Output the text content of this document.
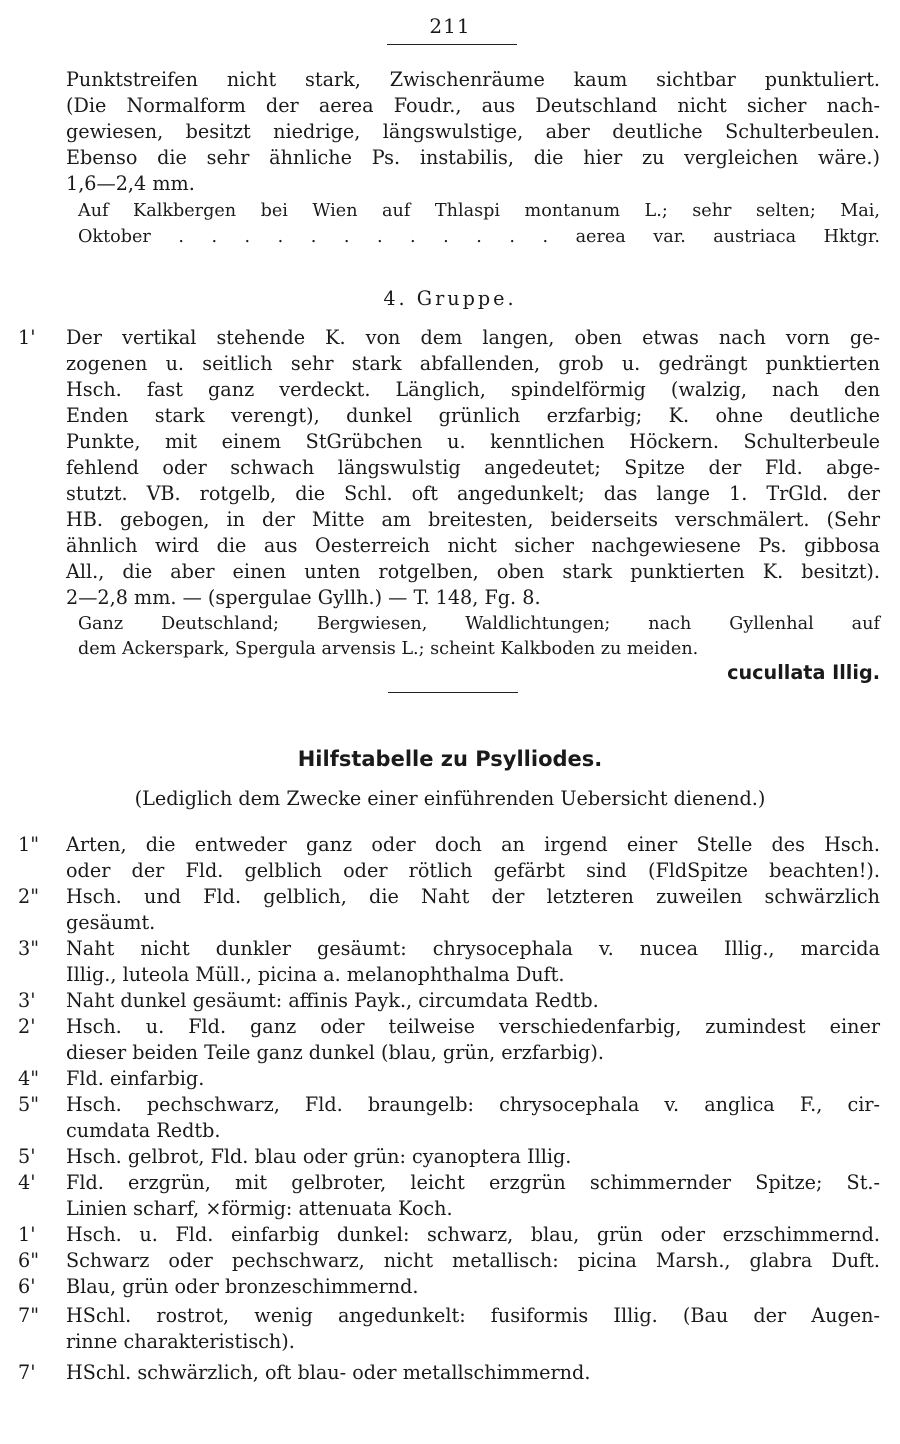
211
Punktstreifen nicht stark, Zwischenräume kaum sichtbar punktuliert.
(Die Normalform der aerea Foudr., aus Deutschland nicht sicher nach-
gewiesen, besitzt niedrige, längswulstige, aber deutliche Schulterbeulen.
Ebenso die sehr ähnliche Ps. instabilis, die hier zu vergleichen wäre.)
1,6—2,4 mm.
Auf Kalkbergen bei Wien auf Thlaspi montanum L.; sehr selten; Mai,
Oktober . . . . . . . . . . . . aerea var. austriaca Hktgr.
4. Gruppe.
1' Der vertikal stehende K. von dem langen, oben etwas nach vorn ge-
zogenen u. seitlich sehr stark abfallenden, grob u. gedrängt punktierten
Hsch. fast ganz verdeckt. Länglich, spindelförmig (walzig, nach den
Enden stark verengt), dunkel grünlich erzfarbig; K. ohne deutliche
Punkte, mit einem StGrübchen u. kenntlichen Höckern. Schulterbeule
fehlend oder schwach längswulstig angedeutet; Spitze der Fld. abge-
stutzt. VB. rotgelb, die Schl. oft angedunkelt; das lange 1. TrGld. der
HB. gebogen, in der Mitte am breitesten, beiderseits verschmälert. (Sehr
ähnlich wird die aus Oesterreich nicht sicher nachgewiesene Ps. gibbosa
All., die aber einen unten rotgelben, oben stark punktierten K. besitzt).
2—2,8 mm. — (spergulae Gyllh.) — T. 148, Fg. 8.
Ganz Deutschland; Bergwiesen, Waldlichtungen; nach Gyllenhal auf
dem Ackerspark, Spergula arvensis L.; scheint Kalkboden zu meiden.
cucullata Illig.
Hilfstabelle zu Psylliodes.
(Lediglich dem Zwecke einer einführenden Uebersicht dienend.)
1" Arten, die entweder ganz oder doch an irgend einer Stelle des Hsch.
oder der Fld. gelblich oder rötlich gefärbt sind (FldSpitze beachten!).
2" Hsch. und Fld. gelblich, die Naht der letzteren zuweilen schwärzlich
gesäumt.
3" Naht nicht dunkler gesäumt: chrysocephala v. nucea Illig., marcida
Illig., luteola Müll., picina a. melanophthalma Duft.
3' Naht dunkel gesäumt: affinis Payk., circumdata Redtb.
2' Hsch. u. Fld. ganz oder teilweise verschiedenfarbig, zumindest einer
dieser beiden Teile ganz dunkel (blau, grün, erzfarbig).
4" Fld. einfarbig.
5" Hsch. pechschwarz, Fld. braungelb: chrysocephala v. anglica F., cir-
cumdata Redtb.
5' Hsch. gelbrot, Fld. blau oder grün: cyanoptera Illig.
4' Fld. erzgrün, mit gelbroter, leicht erzgrün schimmernder Spitze; St.-
Linien scharf, ×förmig: attenuata Koch.
1' Hsch. u. Fld. einfarbig dunkel: schwarz, blau, grün oder erzschimmernd.
6" Schwarz oder pechschwarz, nicht metallisch: picina Marsh., glabra Duft.
6' Blau, grün oder bronzeschimmernd.
7" HSchl. rostrot, wenig angedunkelt: fusiformis Illig. (Bau der Augen-
rinne charakteristisch).
7' HSchl. schwärzlich, oft blau- oder metallschimmernd.
